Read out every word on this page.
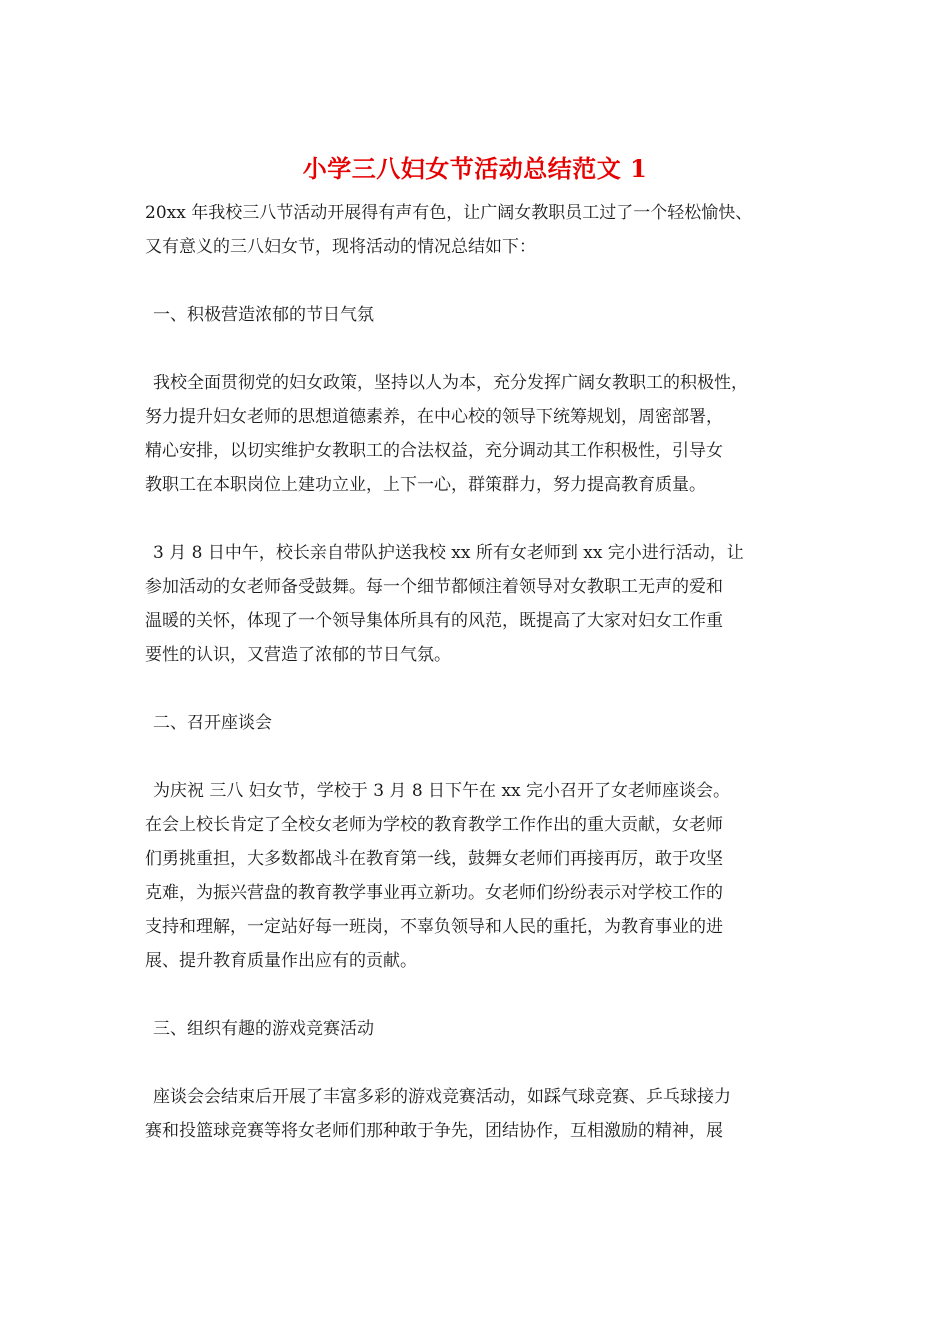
小学三八妇女节活动总结范文 1
20xx 年我校三八节活动开展得有声有色，让广阔女教职员工过了一个轻松愉快、
又有意义的三八妇女节，现将活动的情况总结如下：
一、积极营造浓郁的节日气氛
我校全面贯彻党的妇女政策，坚持以人为本，充分发挥广阔女教职工的积极性，
努力提升妇女老师的思想道德素养，在中心校的领导下统筹规划，周密部署，
精心安排，以切实维护女教职工的合法权益，充分调动其工作积极性，引导女
教职工在本职岗位上建功立业，上下一心，群策群力，努力提高教育质量。
3 月 8 日中午，校长亲自带队护送我校 xx 所有女老师到 xx 完小进行活动，让
参加活动的女老师备受鼓舞。每一个细节都倾注着领导对女教职工无声的爱和
温暖的关怀，体现了一个领导集体所具有的风范，既提高了大家对妇女工作重
要性的认识，又营造了浓郁的节日气氛。
二、召开座谈会
为庆祝 三八 妇女节，学校于 3 月 8 日下午在 xx 完小召开了女老师座谈会。
在会上校长肯定了全校女老师为学校的教育教学工作作出的重大贡献，女老师
们勇挑重担，大多数都战斗在教育第一线，鼓舞女老师们再接再厉，敢于攻坚
克难，为振兴营盘的教育教学事业再立新功。女老师们纷纷表示对学校工作的
支持和理解，一定站好每一班岗，不辜负领导和人民的重托，为教育事业的进
展、提升教育质量作出应有的贡献。
三、组织有趣的游戏竞赛活动
座谈会会结束后开展了丰富多彩的游戏竞赛活动，如踩气球竞赛、乒乓球接力
赛和投篮球竞赛等将女老师们那种敢于争先，团结协作，互相激励的精神，展
